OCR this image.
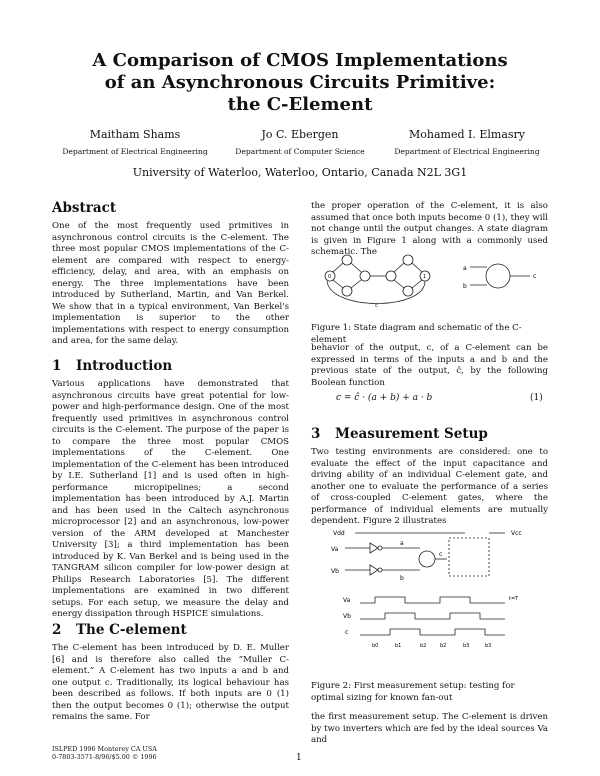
A Comparison of CMOS Implementations
of an Asynchronous Circuits Primitive:
the C-Element
Maitham Shams
Department of Electrical Engineering
Jo C. Ebergen
Department of Computer Science
Mohamed I. Elmasry
Department of Electrical Engineering
University of Waterloo, Waterloo, Ontario, Canada N2L 3G1
Abstract

One of the most frequently used primitives in asynchronous control circuits is the C-element. The three most popular CMOS implementations of the C-element are compared with respect to energy-efficiency, delay, and area, with an emphasis on energy. The three implementations have been introduced by Sutherland, Martin, and Van Berkel. We show that in a typical environment, Van Berkel's implementation is superior to the other implementations with respect to energy consumption and area, for the same delay.

1 Introduction

Various applications have demonstrated that asynchronous circuits have great potential for low-power and high-performance design. One of the most frequently used primitives in asynchronous control circuits is the C-element. The purpose of the paper is to compare the three most popular CMOS implementations of the C-element. One implementation of the C-element has been introduced by I.E. Sutherland [1] and is used often in high-performance micropipelines; a second implementation has been introduced by A.J. Martin and has been used in the Caltech asynchronous microprocessor [2] and an asynchronous, low-power version of the ARM developed at Manchester University [3]; a third implementation has been introduced by K. Van Berkel and is being used in the TANGRAM silicon compiler for low-power design at Philips Research Laboratories [5]. The different implementations are examined in two different setups. For each setup, we measure the delay and energy dissipation through HSPICE simulations.

2 The C-element

The C-element has been introduced by D. E. Muller [6] and is therefore also called the “Muller C-element.” A C-element has two inputs a and b and one output c. Traditionally, its logical behaviour has been described as follows. If both inputs are 0 (1) then the output becomes 0 (1); otherwise the output remains the same. For

ISLPED 1996 Monterey CA USA
0-7803-3571-8/96/$5.00 © 1996	1
the proper operation of the C-element, it is also assumed that once both inputs become 0 (1), they will not change until the output changes. A state diagram is given in Figure 1 along with a commonly used schematic. The
a
b
c
0	1
c
Figure 1: State diagram and schematic of the C-element
behavior of the output, c, of a C-element can be expressed in terms of the inputs a and b and the previous state of the output, ĉ, by the following Boolean function
c = ĉ · (a + b) + a · b	(1)
3 Measurement Setup

Two testing environments are considered: one to evaluate the effect of the input capacitance and driving ability of an individual C-element gate, and another one to evaluate the performance of a series of cross-coupled C-element gates, where the performance of individual elements are mutually dependent. Figure 2 illustrates

Vdd	Vcc
Va
Vb
a
b
c
Va
Vb
c
t=T
b0	b1	b2	b2	b3	b3
Figure 2: First measurement setup: testing for optimal sizing for known fan-out
the first measurement setup. The C-element is driven by two inverters which are fed by the ideal sources Va and
